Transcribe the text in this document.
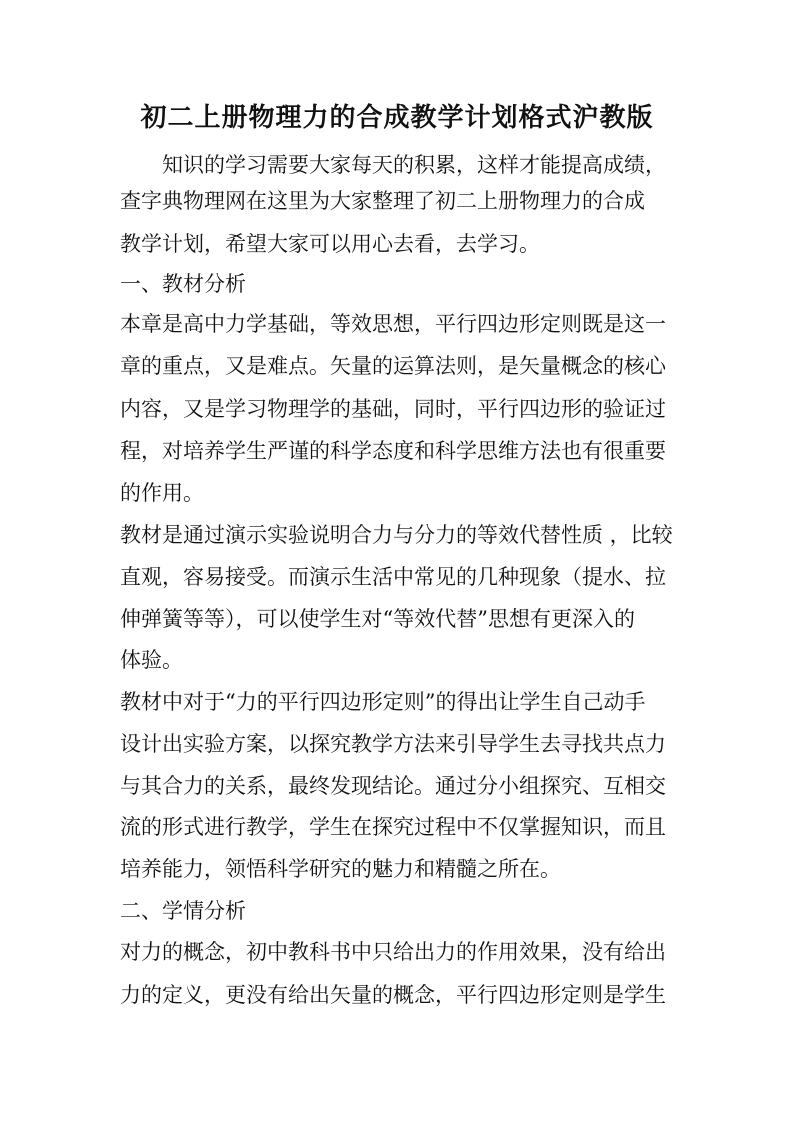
初二上册物理力的合成教学计划格式沪教版

知识的学习需要大家每天的积累，这样才能提高成绩，

查字典物理网在这里为大家整理了初二上册物理力的合成

教学计划，希望大家可以用心去看，去学习。

一、教材分析

本章是高中力学基础，等效思想，平行四边形定则既是这一

章的重点，又是难点。矢量的运算法则，是矢量概念的核心

内容，又是学习物理学的基础，同时，平行四边形的验证过

程，对培养学生严谨的科学态度和科学思维方法也有很重要

的作用。

教材是通过演示实验说明合力与分力的等效代替性质 ，比较

直观，容易接受。而演示生活中常见的几种现象（提水、拉

伸弹簧等等），可以使学生对“等效代替”思想有更深入的

体验。

教材中对于“力的平行四边形定则”的得出让学生自己动手

设计出实验方案，以探究教学方法来引导学生去寻找共点力

与其合力的关系，最终发现结论。通过分小组探究、互相交

流的形式进行教学，学生在探究过程中不仅掌握知识，而且

培养能力，领悟科学研究的魅力和精髓之所在。

二、学情分析

对力的概念，初中教科书中只给出力的作用效果，没有给出

力的定义，更没有给出矢量的概念，平行四边形定则是学生
